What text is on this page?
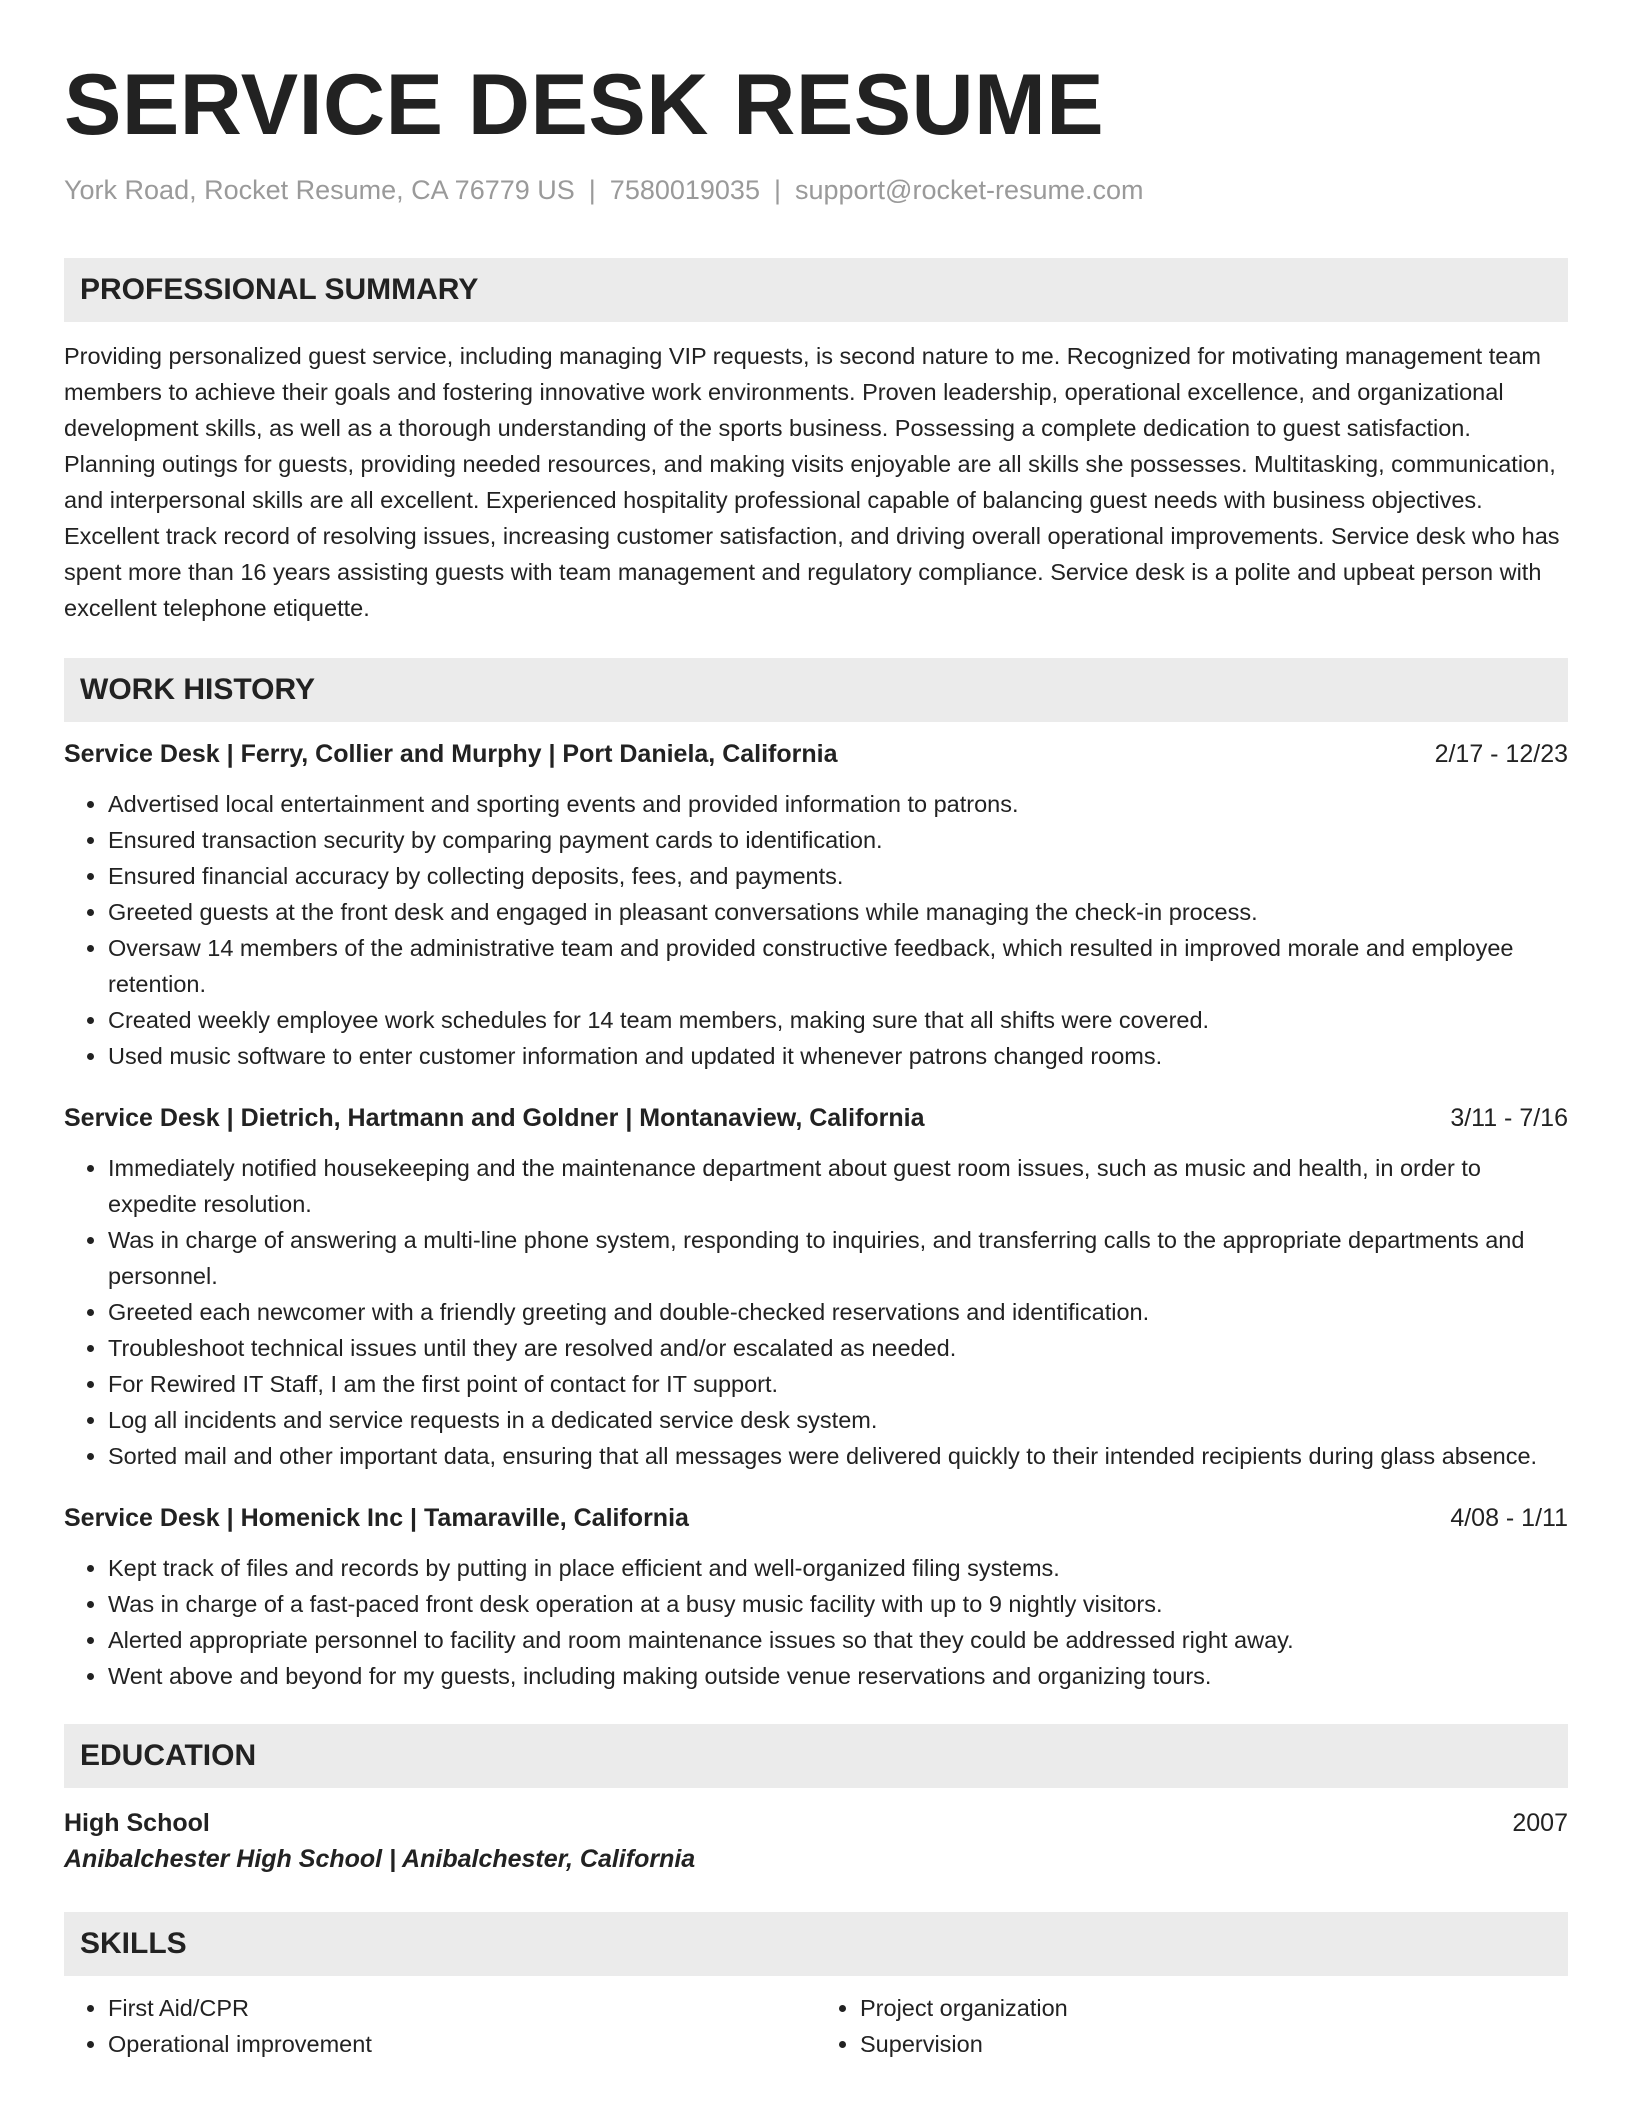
SERVICE DESK RESUME
York Road, Rocket Resume, CA 76779 US | 7580019035 | support@rocket-resume.com
PROFESSIONAL SUMMARY

Providing personalized guest service, including managing VIP requests, is second nature to me. Recognized for motivating management team members to achieve their goals and fostering innovative work environments. Proven leadership, operational excellence, and organizational development skills, as well as a thorough understanding of the sports business. Possessing a complete dedication to guest satisfaction. Planning outings for guests, providing needed resources, and making visits enjoyable are all skills she possesses. Multitasking, communication, and interpersonal skills are all excellent. Experienced hospitality professional capable of balancing guest needs with business objectives. Excellent track record of resolving issues, increasing customer satisfaction, and driving overall operational improvements. Service desk who has spent more than 16 years assisting guests with team management and regulatory compliance. Service desk is a polite and upbeat person with excellent telephone etiquette.

WORK HISTORY
Service Desk | Ferry, Collier and Murphy | Port Daniela, California	2/17 - 12/23
• Advertised local entertainment and sporting events and provided information to patrons.
• Ensured transaction security by comparing payment cards to identification.
• Ensured financial accuracy by collecting deposits, fees, and payments.
• Greeted guests at the front desk and engaged in pleasant conversations while managing the check-in process.
• Oversaw 14 members of the administrative team and provided constructive feedback, which resulted in improved morale and employee retention.
• Created weekly employee work schedules for 14 team members, making sure that all shifts were covered.
• Used music software to enter customer information and updated it whenever patrons changed rooms.
Service Desk | Dietrich, Hartmann and Goldner | Montanaview, California	3/11 - 7/16
• Immediately notified housekeeping and the maintenance department about guest room issues, such as music and health, in order to expedite resolution.
• Was in charge of answering a multi-line phone system, responding to inquiries, and transferring calls to the appropriate departments and personnel.
• Greeted each newcomer with a friendly greeting and double-checked reservations and identification.
• Troubleshoot technical issues until they are resolved and/or escalated as needed.
• For Rewired IT Staff, I am the first point of contact for IT support.
• Log all incidents and service requests in a dedicated service desk system.
• Sorted mail and other important data, ensuring that all messages were delivered quickly to their intended recipients during glass absence.
Service Desk | Homenick Inc | Tamaraville, California	4/08 - 1/11
• Kept track of files and records by putting in place efficient and well-organized filing systems.
• Was in charge of a fast-paced front desk operation at a busy music facility with up to 9 nightly visitors.
• Alerted appropriate personnel to facility and room maintenance issues so that they could be addressed right away.
• Went above and beyond for my guests, including making outside venue reservations and organizing tours.
EDUCATION
High School	2007
Anibalchester High School | Anibalchester, California
SKILLS
• First Aid/CPR
• Operational improvement
• Project organization
• Supervision
